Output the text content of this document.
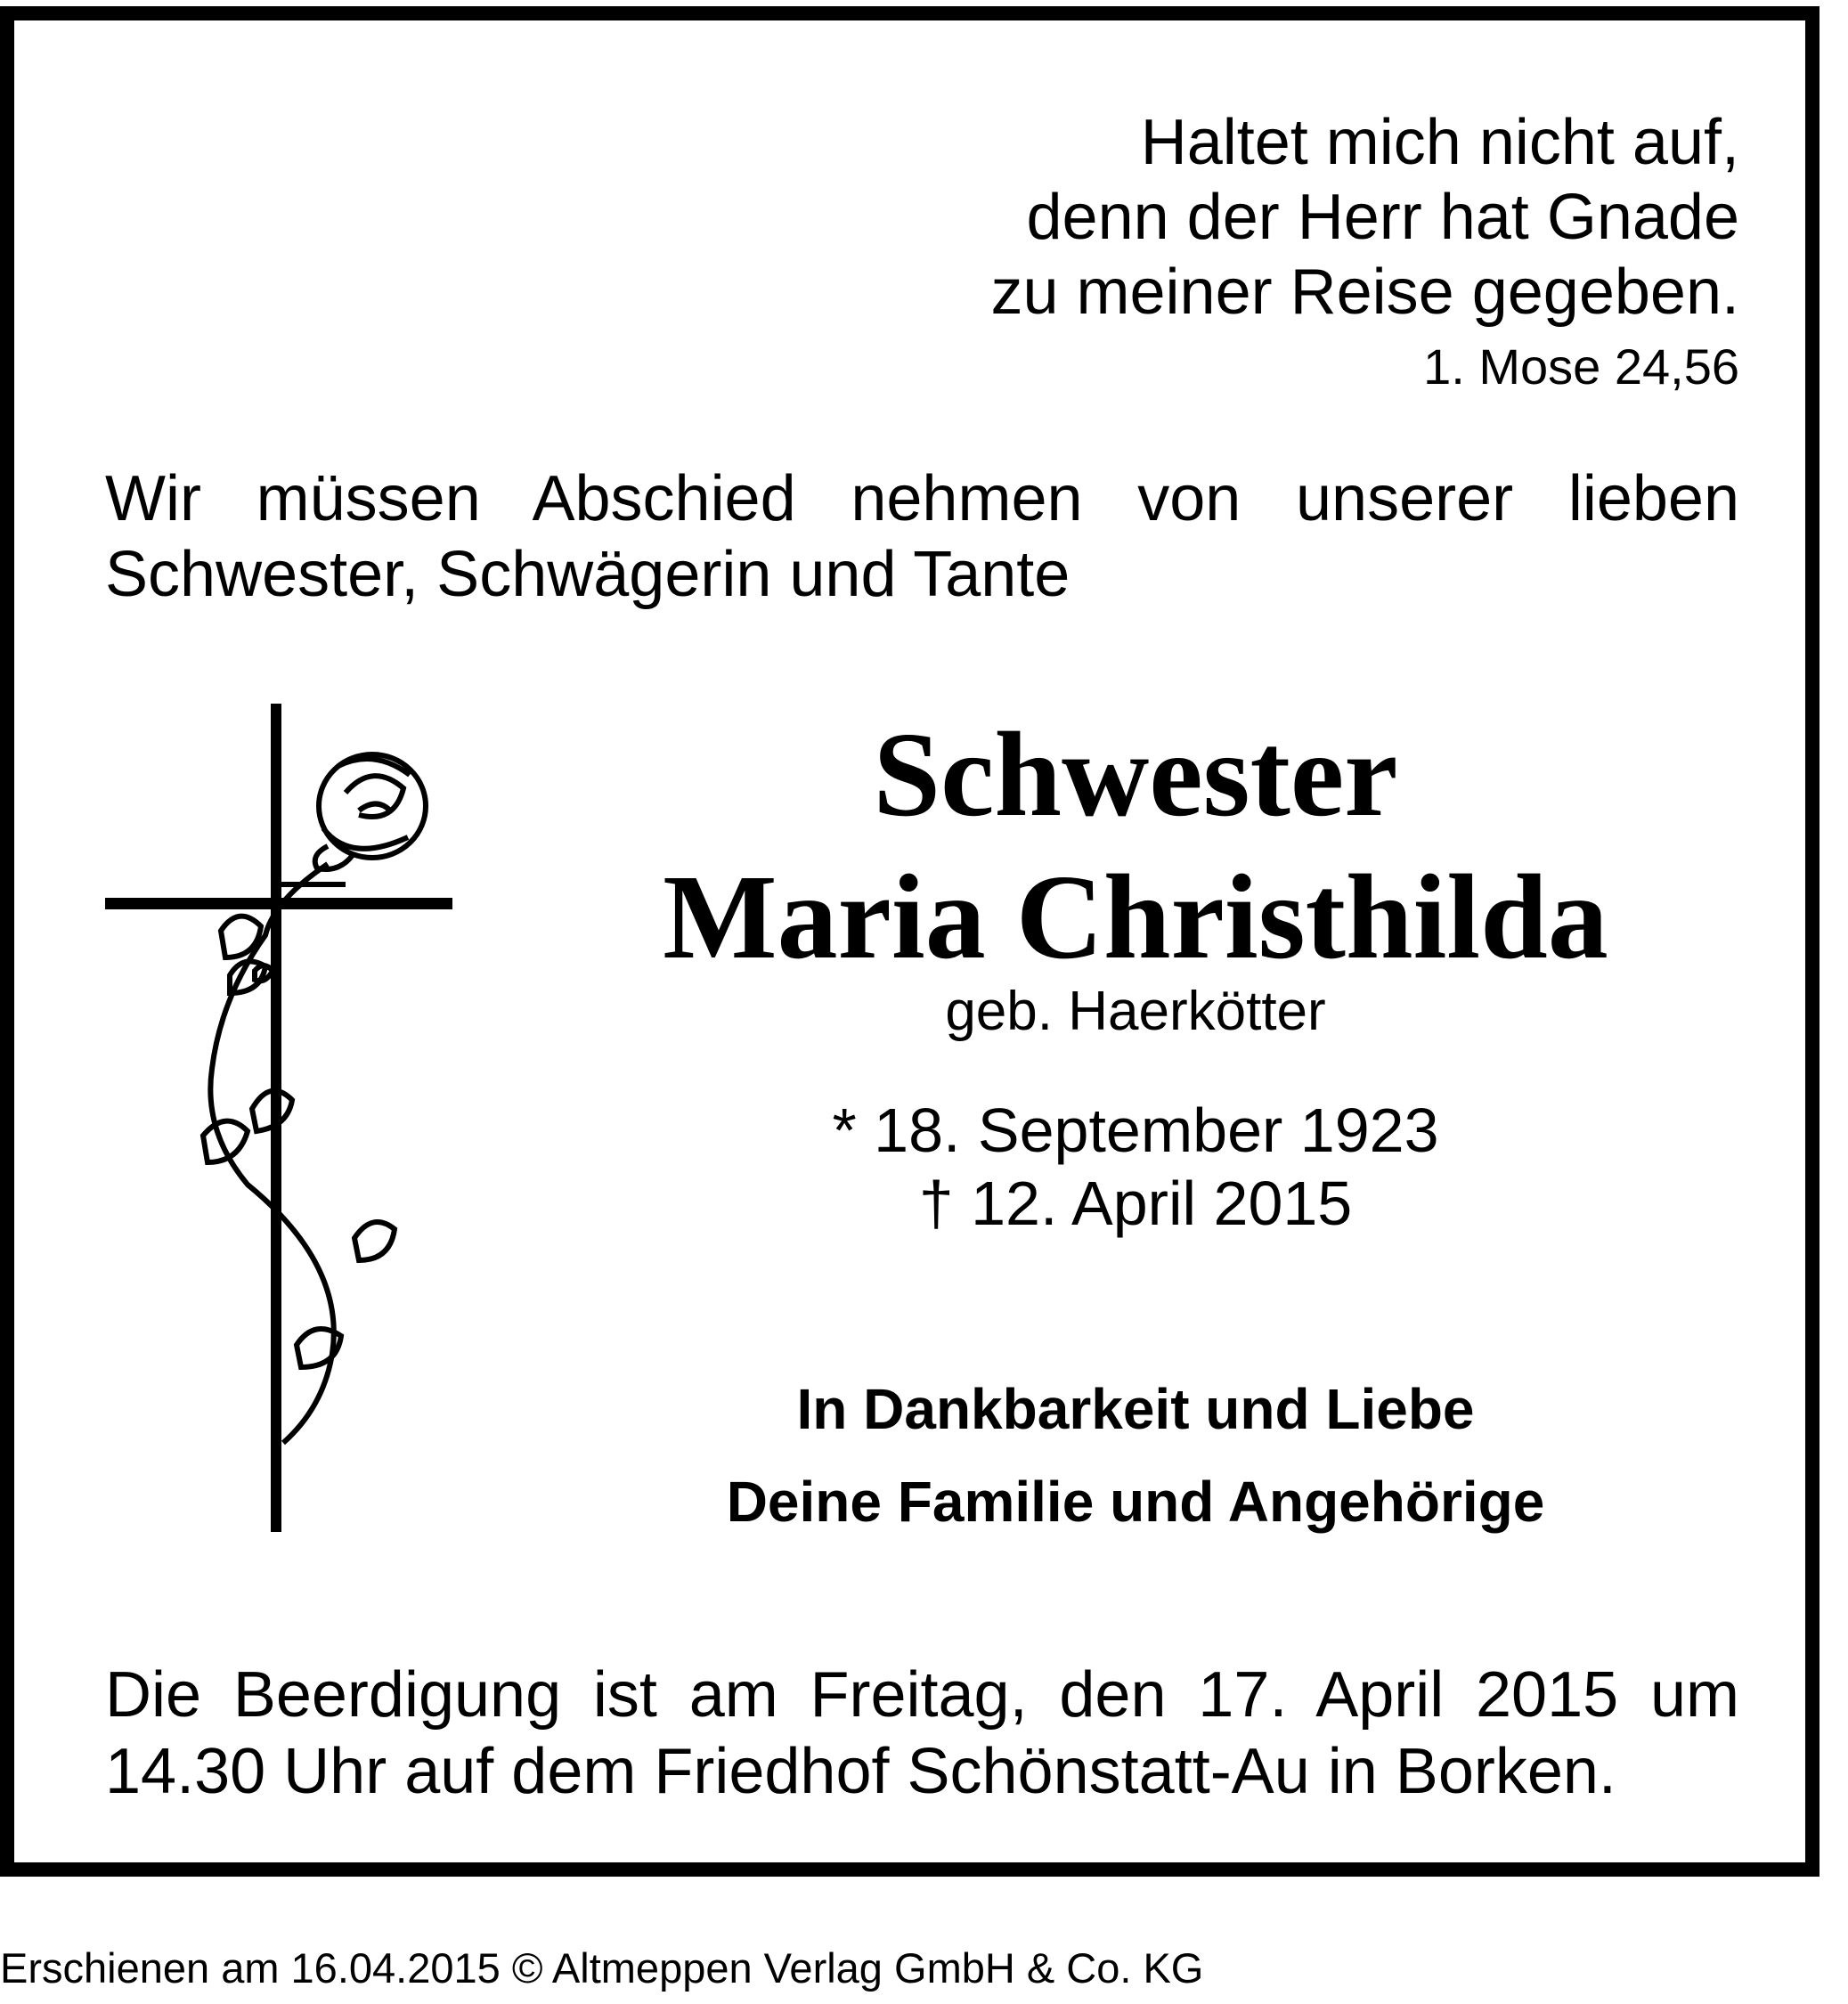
Haltet mich nicht auf,
denn der Herr hat Gnade
zu meiner Reise gegeben.
1. Mose 24,56
Wir müssen Abschied nehmen von unserer lieben Schwester, Schwägerin und Tante
Schwester
Maria Christhilda
geb. Haerkötter
* 18. September 1923
† 12. April 2015
In Dankbarkeit und Liebe
Deine Familie und Angehörige
Die Beerdigung ist am Freitag, den 17. April 2015 um 14.30 Uhr auf dem Friedhof Schönstatt-Au in Borken.
Erschienen am 16.04.2015 © Altmeppen Verlag GmbH & Co. KG
